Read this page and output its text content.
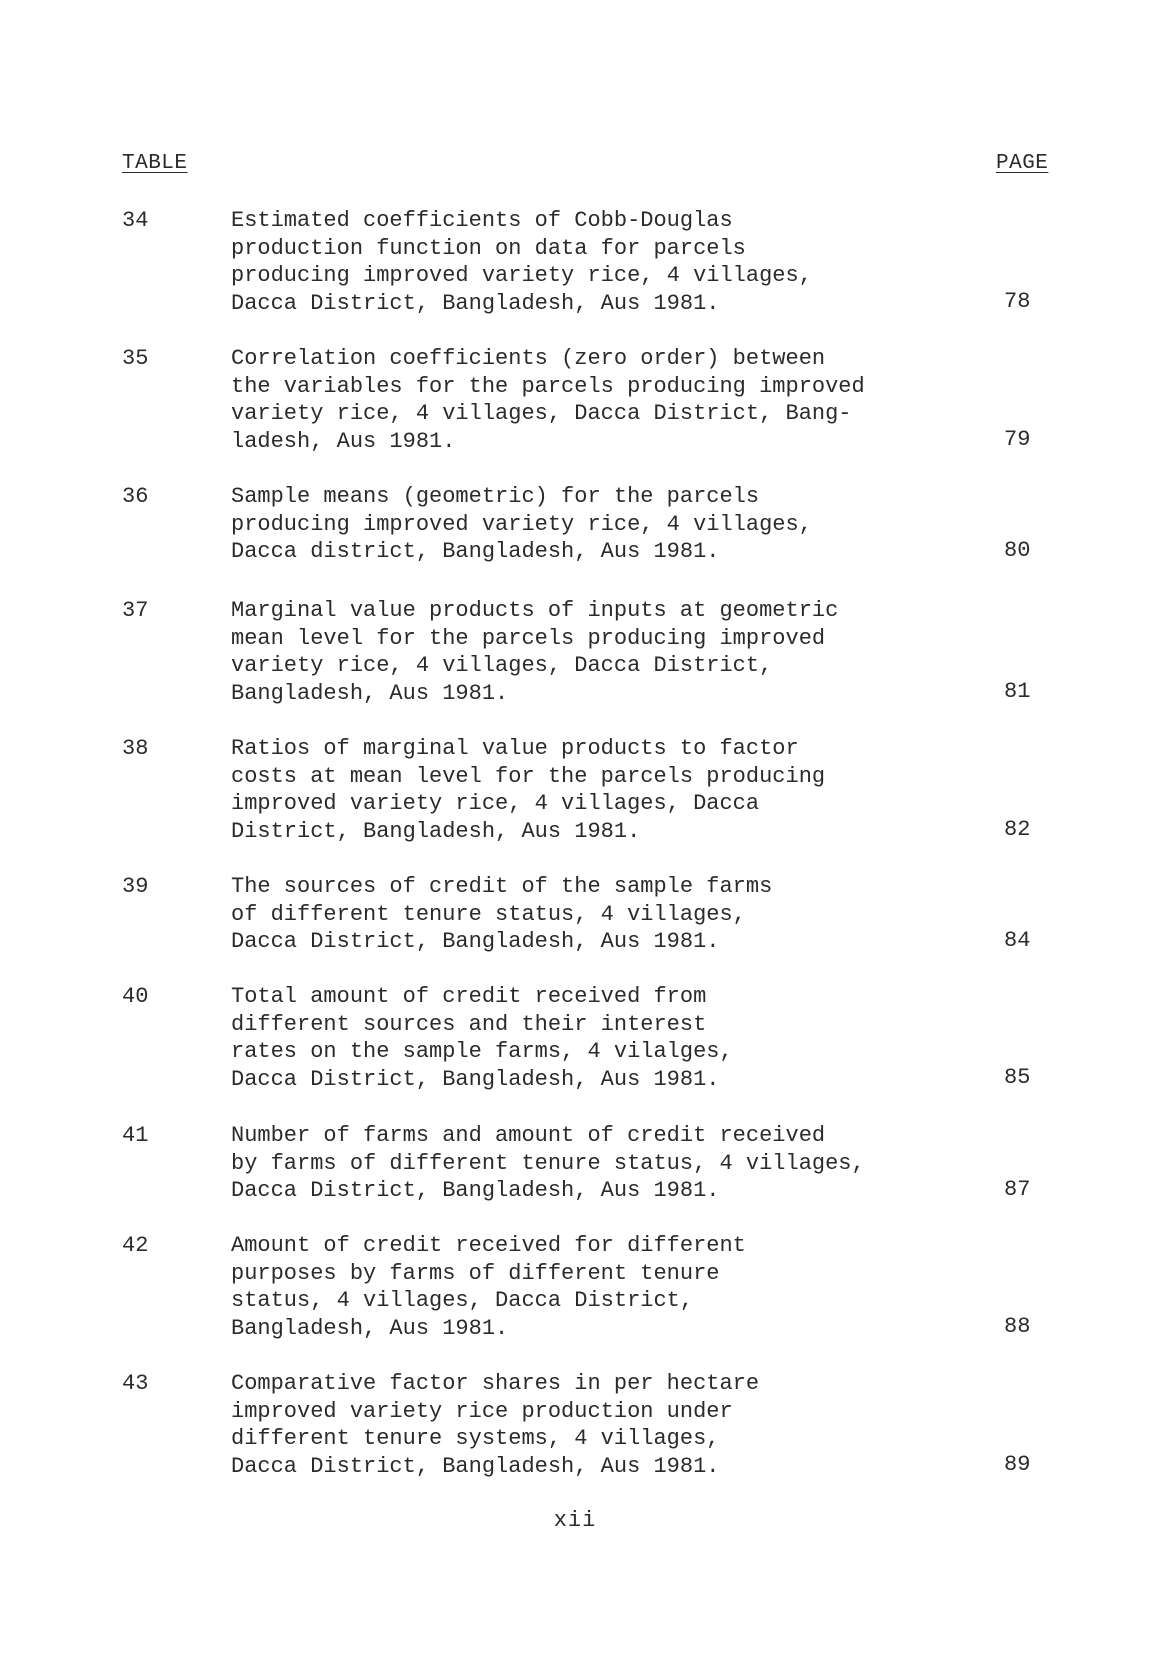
TABLE	PAGE
34	Estimated coefficients of Cobb-Douglas
production function on data for parcels
producing improved variety rice, 4 villages,
Dacca District, Bangladesh, Aus 1981.	78
35	Correlation coefficients (zero order) between
the variables for the parcels producing improved
variety rice, 4 villages, Dacca District, Bang-
ladesh, Aus 1981.	79
36	Sample means (geometric) for the parcels
producing improved variety rice, 4 villages,
Dacca district, Bangladesh, Aus 1981.	80
37	Marginal value products of inputs at geometric
mean level for the parcels producing improved
variety rice, 4 villages, Dacca District,
Bangladesh, Aus 1981.	81
38	Ratios of marginal value products to factor
costs at mean level for the parcels producing
improved variety rice, 4 villages, Dacca
District, Bangladesh, Aus 1981.	82
39	The sources of credit of the sample farms
of different tenure status, 4 villages,
Dacca District, Bangladesh, Aus 1981.	84
40	Total amount of credit received from
different sources and their interest
rates on the sample farms, 4 vilalges,
Dacca District, Bangladesh, Aus 1981.	85
41	Number of farms and amount of credit received
by farms of different tenure status, 4 villages,
Dacca District, Bangladesh, Aus 1981.	87
42	Amount of credit received for different
purposes by farms of different tenure
status, 4 villages, Dacca District,
Bangladesh, Aus 1981.	88
43	Comparative factor shares in per hectare
improved variety rice production under
different tenure systems, 4 villages,
Dacca District, Bangladesh, Aus 1981.	89
xii
